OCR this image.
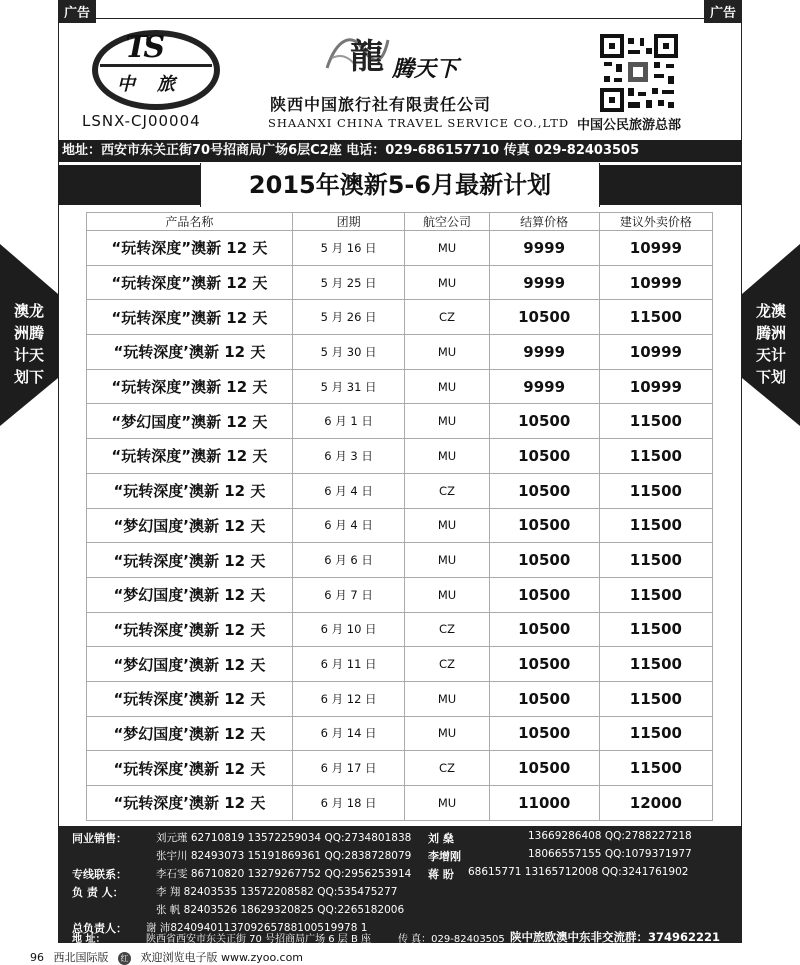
广告	广告
TS
中旅
LSNX-CJ00004
龍 腾天下
陕西中国旅行社有限责任公司
SHAANXI CHINA TRAVEL SERVICE CO.,LTD 中国公民旅游总部
地址：西安市东关正街70号招商局广场6层C2座 电话：029-686157710 传真 029-82403505
2015年澳新5-6月最新计划
澳龙
洲腾
计天
划下
龙澳
腾洲
天计
下划
产品名称	团期	航空公司	结算价格	建议外卖价格
“玩转深度”澳新 12 天	5 月 16 日	MU	9999	10999
“玩转深度”澳新 12 天	5 月 25 日	MU	9999	10999
“玩转深度”澳新 12 天	5 月 26 日	CZ	10500	11500
“玩转深度’澳新 12 天	5 月 30 日	MU	9999	10999
“玩转深度”澳新 12 天	5 月 31 日	MU	9999	10999
“梦幻国度”澳新 12 天	6 月 1 日	MU	10500	11500
“玩转深度”澳新 12 天	6 月 3 日	MU	10500	11500
“玩转深度’澳新 12 天	6 月 4 日	CZ	10500	11500
“梦幻国度’澳新 12 天	6 月 4 日	MU	10500	11500
“玩转深度’澳新 12 天	6 月 6 日	MU	10500	11500
“梦幻国度’澳新 12 天	6 月 7 日	MU	10500	11500
“玩转深度’澳新 12 天	6 月 10 日	CZ	10500	11500
“梦幻国度’澳新 12 天	6 月 11 日	CZ	10500	11500
“玩转深度’澳新 12 天	6 月 12 日	MU	10500	11500
“梦幻国度’澳新 12 天	6 月 14 日	MU	10500	11500
“玩转深度’澳新 12 天	6 月 17 日	CZ	10500	11500
“玩转深度’澳新 12 天	6 月 18 日	MU	11000	12000
同业销售：	刘元瑾 62710819 13572259034 QQ:2734801838 刘 燊	13669286408 QQ:2788227218
张宇川 82493073 15191869361 QQ:2838728079 李增刚	18066557155 QQ:1079371977
专线联系：	李石雯 86710820 13279267752 QQ:2956253914 蒋 盼 68615771 13165712008 QQ:3241761902
负 责 人：	李 翔 82403535 13572208582 QQ:535475277
张 帆 82403526 18629320825 QQ:2265182006
总负责人： 谢 沛8240940113709265788100519978 1
地 址：	陕西省西安市东关正街 70 号招商局广场 6 层 B 座	传 真：029-82403505 陕中旅欧澳中东非交流群：374962221
96 西北国际版 红 欢迎浏览电子版 www.zyoo.com
